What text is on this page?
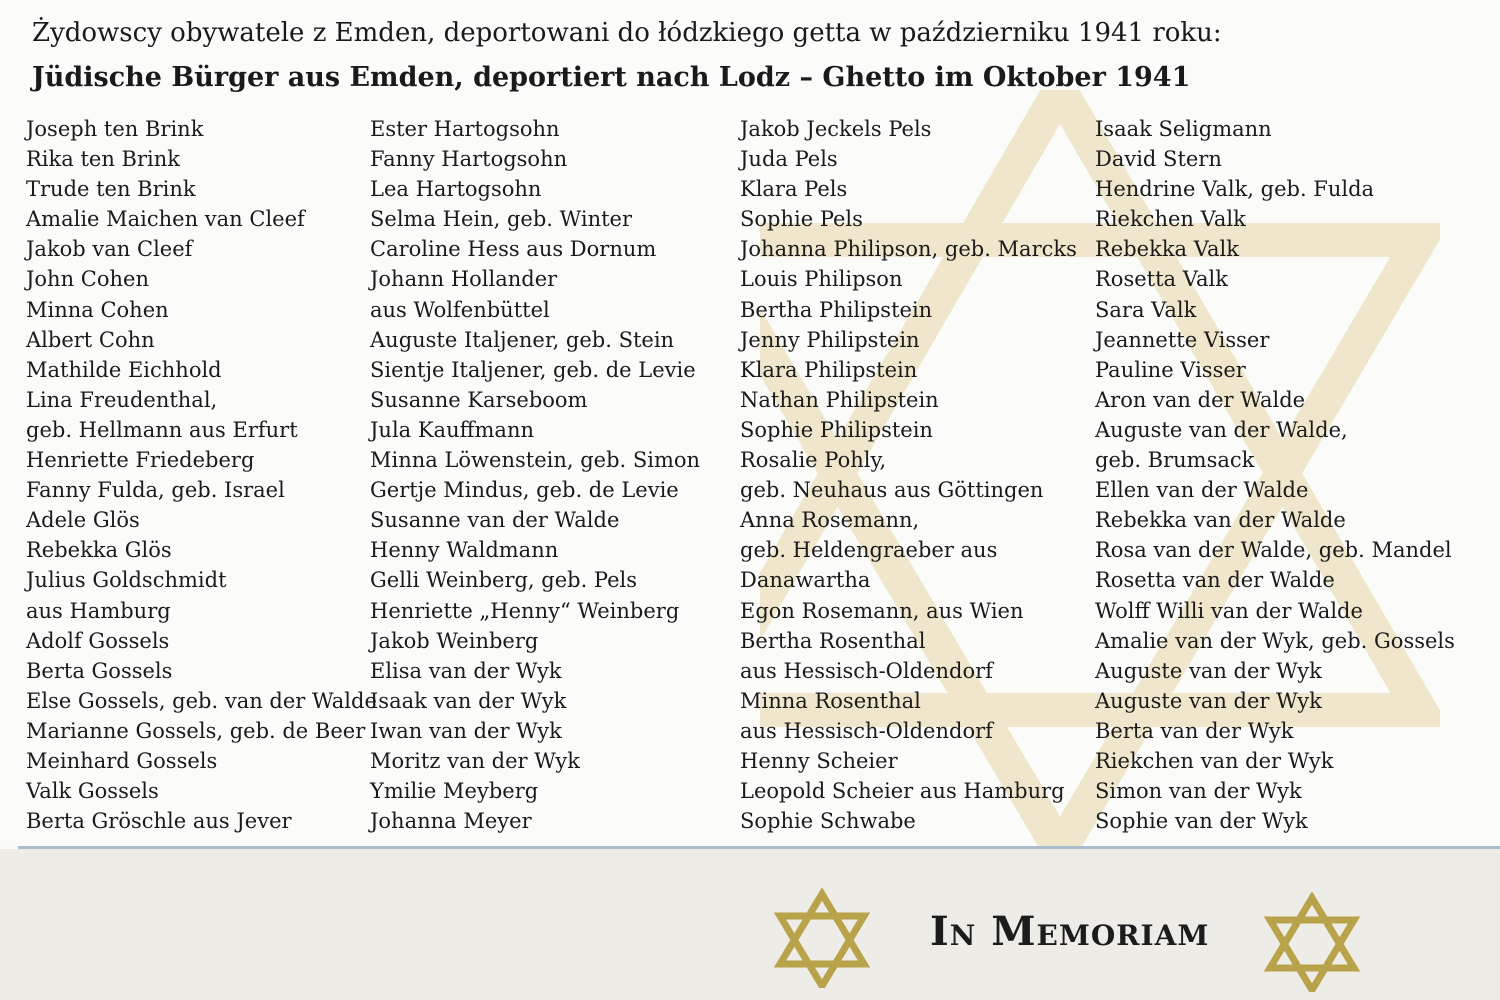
Żydowscy obywatele z Emden, deportowani do łódzkiego getta w październiku 1941 roku:
Jüdische Bürger aus Emden, deportiert nach Lodz – Ghetto im Oktober 1941
Joseph ten Brink
Rika ten Brink
Trude ten Brink
Amalie Maichen van Cleef
Jakob van Cleef
John Cohen
Minna Cohen
Albert Cohn
Mathilde Eichhold
Lina Freudenthal,
geb. Hellmann aus Erfurt
Henriette Friedeberg
Fanny Fulda, geb. Israel
Adele Glös
Rebekka Glös
Julius Goldschmidt
aus Hamburg
Adolf Gossels
Berta Gossels
Else Gossels, geb. van der Walde
Marianne Gossels, geb. de Beer
Meinhard Gossels
Valk Gossels
Berta Gröschle aus Jever
Ester Hartogsohn
Fanny Hartogsohn
Lea Hartogsohn
Selma Hein, geb. Winter
Caroline Hess aus Dornum
Johann Hollander
aus Wolfenbüttel
Auguste Italjener, geb. Stein
Sientje Italjener, geb. de Levie
Susanne Karseboom
Jula Kauffmann
Minna Löwenstein, geb. Simon
Gertje Mindus, geb. de Levie
Susanne van der Walde
Henny Waldmann
Gelli Weinberg, geb. Pels
Henriette „Henny“ Weinberg
Jakob Weinberg
Elisa van der Wyk
Isaak van der Wyk
Iwan van der Wyk
Moritz van der Wyk
Ymilie Meyberg
Johanna Meyer
Jakob Jeckels Pels
Juda Pels
Klara Pels
Sophie Pels
Johanna Philipson, geb. Marcks
Louis Philipson
Bertha Philipstein
Jenny Philipstein
Klara Philipstein
Nathan Philipstein
Sophie Philipstein
Rosalie Pohly,
geb. Neuhaus aus Göttingen
Anna Rosemann,
geb. Heldengraeber aus
Danawartha
Egon Rosemann, aus Wien
Bertha Rosenthal
aus Hessisch-Oldendorf
Minna Rosenthal
aus Hessisch-Oldendorf
Henny Scheier
Leopold Scheier aus Hamburg
Sophie Schwabe
Isaak Seligmann
David Stern
Hendrine Valk, geb. Fulda
Riekchen Valk
Rebekka Valk
Rosetta Valk
Sara Valk
Jeannette Visser
Pauline Visser
Aron van der Walde
Auguste van der Walde,
geb. Brumsack
Ellen van der Walde
Rebekka van der Walde
Rosa van der Walde, geb. Mandel
Rosetta van der Walde
Wolff Willi van der Walde
Amalie van der Wyk, geb. Gossels
Auguste van der Wyk
Auguste van der Wyk
Berta van der Wyk
Riekchen van der Wyk
Simon van der Wyk
Sophie van der Wyk
In Memoriam
